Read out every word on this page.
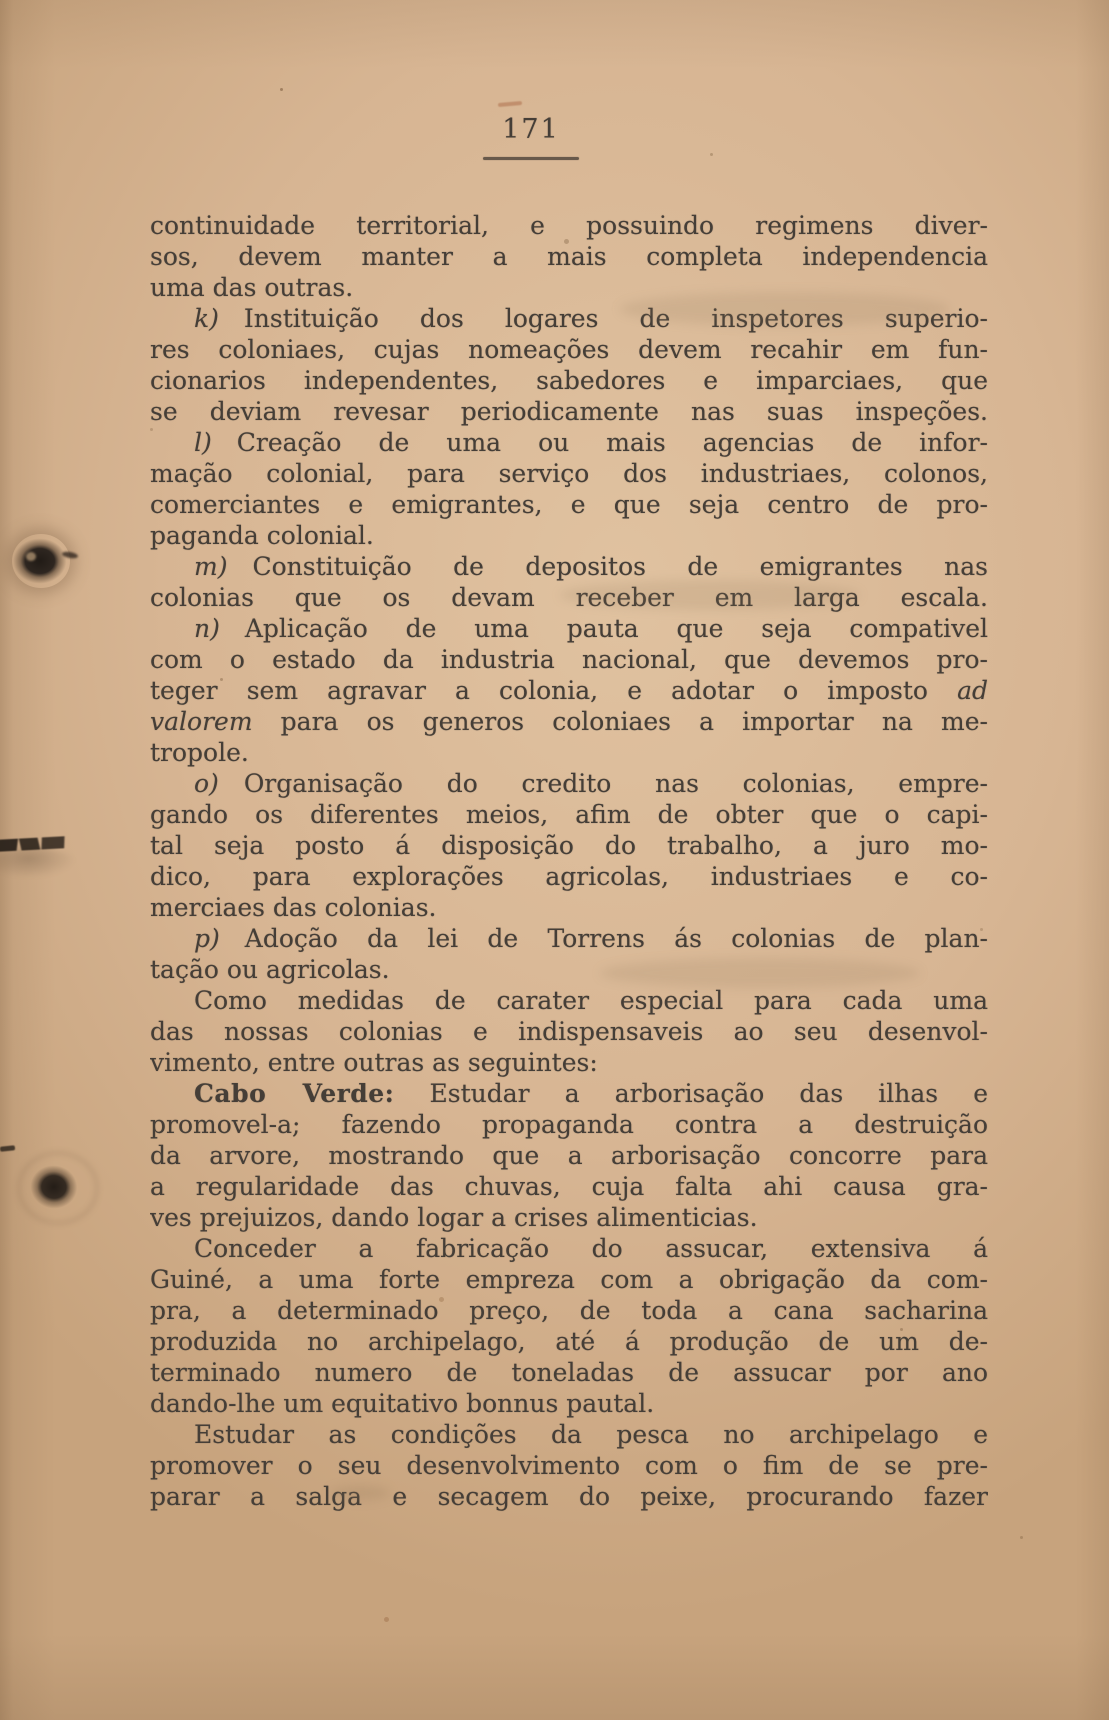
171
continuidade territorial, e possuindo regimens diver-
sos, devem manter a mais completa independencia
uma das outras.
k) Instituição dos logares de inspetores superio-
res coloniaes, cujas nomeações devem recahir em fun-
cionarios independentes, sabedores e imparciaes, que
se deviam revesar periodicamente nas suas inspeções.
l) Creação de uma ou mais agencias de infor-
mação colonial, para serviço dos industriaes, colonos,
comerciantes e emigrantes, e que seja centro de pro-
paganda colonial.
m) Constituição de depositos de emigrantes nas
colonias que os devam receber em larga escala.
n) Aplicação de uma pauta que seja compativel
com o estado da industria nacional, que devemos pro-
teger sem agravar a colonia, e adotar o imposto ad
valorem para os generos coloniaes a importar na me-
tropole.
o) Organisação do credito nas colonias, empre-
gando os diferentes meios, afim de obter que o capi-
tal seja posto á disposição do trabalho, a juro mo-
dico, para explorações agricolas, industriaes e co-
merciaes das colonias.
p) Adoção da lei de Torrens ás colonias de plan-
tação ou agricolas.
Como medidas de carater especial para cada uma
das nossas colonias e indispensaveis ao seu desenvol-
vimento, entre outras as seguintes:
Cabo Verde: Estudar a arborisação das ilhas e
promovel-a; fazendo propaganda contra a destruição
da arvore, mostrando que a arborisação concorre para
a regularidade das chuvas, cuja falta ahi causa gra-
ves prejuizos, dando logar a crises alimenticias.
Conceder a fabricação do assucar, extensiva á
Guiné, a uma forte empreza com a obrigação da com-
pra, a determinado preço, de toda a cana sacharina
produzida no archipelago, até á produção de um de-
terminado numero de toneladas de assucar por ano
dando-lhe um equitativo bonnus pautal.
Estudar as condições da pesca no archipelago e
promover o seu desenvolvimento com o fim de se pre-
parar a salga e secagem do peixe, procurando fazer
